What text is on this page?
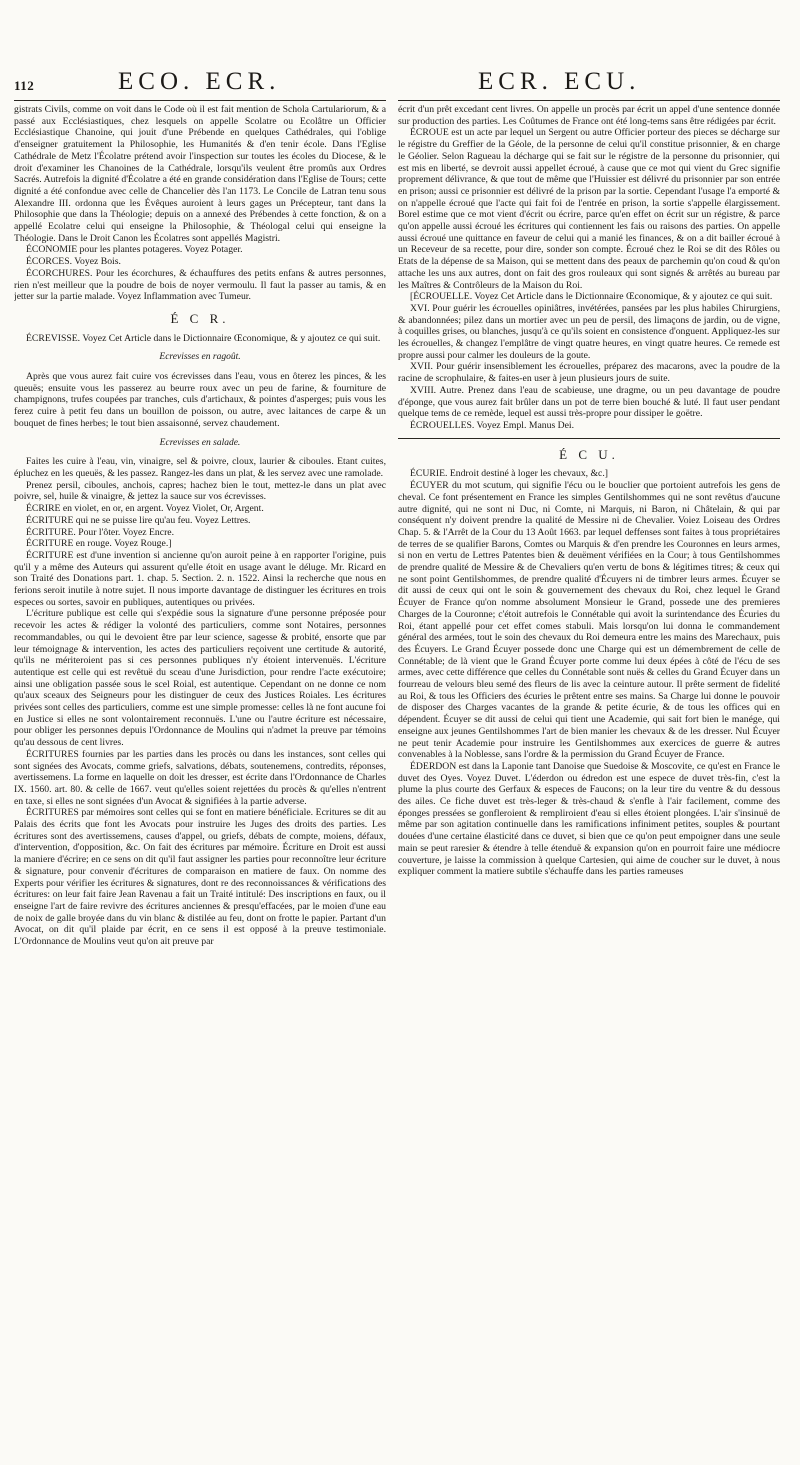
112	ECO. ECR.	ECR. ECU.

gistrats Civils, comme on voit dans le Code où il est fait mention de Schola Cartulariorum, & a passé aux Ecclésiastiques, chez lesquels on appelle Scolatre ou Ecolâtre un Officier Ecclésiastique Chanoine, qui jouit d'une Prébende en quelques Cathédrales, qui l'oblige d'enseigner gratuitement la Philosophie, les Humanités & d'en tenir école. Dans l'Eglise Cathédrale de Metz l'Écolatre prétend avoir l'inspection sur toutes les écoles du Diocese, & le droit d'examiner les Chanoines de la Cathédrale, lorsqu'ils veulent être promûs aux Ordres Sacrés. Autrefois la dignité d'Écolatre a été en grande considération dans l'Eglise de Tours; cette dignité a été confondue avec celle de Chancelier dès l'an 1173. Le Concile de Latran tenu sous Alexandre III. ordonna que les Évêques auroient à leurs gages un Précepteur, tant dans la Philosophie que dans la Théologie; depuis on a annexé des Prébendes à cette fonction, & on a appellé Ecolatre celui qui enseigne la Philosophie, & Théologal celui qui enseigne la Théologie. Dans le Droit Canon les Écolatres sont appellés Magistri.

ÉCONOMIE pour les plantes potageres. Voyez Potager.

ÉCORCES. Voyez Bois.

ÉCORCHURES. Pour les écorchures, & échauffures des petits enfans & autres personnes, rien n'est meilleur que la poudre de bois de noyer vermoulu. Il faut la passer au tamis, & en jetter sur la partie malade. Voyez Inflammation avec Tumeur.

É C R.

ÉCREVISSE. Voyez Cet Article dans le Dictionnaire Œconomique, & y ajoutez ce qui suit.

Ecrevisses en ragoût.

Après que vous aurez fait cuire vos écrevisses dans l'eau, vous en ôterez les pinces, & les queuës; ensuite vous les passerez au beurre roux avec un peu de farine, & fourniture de champignons, trufes coupées par tranches, culs d'artichaux, & pointes d'asperges; puis vous les ferez cuire à petit feu dans un bouillon de poisson, ou autre, avec laitances de carpe & un bouquet de fines herbes; le tout bien assaisonné, servez chaudement.

Ecrevisses en salade.

Faites les cuire à l'eau, vin, vinaigre, sel & poivre, cloux, laurier & ciboules. Etant cuites, épluchez en les queuës, & les passez. Rangez-les dans un plat, & les servez avec une ramolade.

Prenez persil, ciboules, anchois, capres; hachez bien le tout, mettez-le dans un plat avec poivre, sel, huile & vinaigre, & jettez la sauce sur vos écrevisses.

ÉCRIRE en violet, en or, en argent. Voyez Violet, Or, Argent.

ÉCRITURE qui ne se puisse lire qu'au feu. Voyez Lettres.

ÉCRITURE. Pour l'ôter. Voyez Encre.

ÉCRITURE en rouge. Voyez Rouge.]

ÉCRITURE est d'une invention si ancienne qu'on auroit peine à en rapporter l'origine, puis qu'il y a même des Auteurs qui assurent qu'elle étoit en usage avant le déluge. Mr. Ricard en son Traité des Donations part. 1. chap. 5. Section. 2. n. 1522. Ainsi la recherche que nous en ferions seroit inutile à notre sujet. Il nous importe davantage de distinguer les écritures en trois especes ou sortes, savoir en publiques, autentiques ou privées.

L'écriture publique est celle qui s'expédie sous la signature d'une personne préposée pour recevoir les actes & rédiger la volonté des particuliers, comme sont Notaires, personnes recommandables, ou qui le devoient être par leur science, sagesse & probité, ensorte que par leur témoignage & intervention, les actes des particuliers reçoivent une certitude & autorité, qu'ils ne mériteroient pas si ces personnes publiques n'y étoient intervenuës. L'écriture autentique est celle qui est revêtuë du sceau d'une Jurisdiction, pour rendre l'acte exécutoire; ainsi une obligation passée sous le scel Roial, est autentique. Cependant on ne donne ce nom qu'aux sceaux des Seigneurs pour les distinguer de ceux des Justices Roiales. Les écritures privées sont celles des particuliers, comme est une simple promesse: celles là ne font aucune foi en Justice si elles ne sont volontairement reconnuës. L'une ou l'autre écriture est nécessaire, pour obliger les personnes depuis l'Ordonnance de Moulins qui n'admet la preuve par témoins qu'au dessous de cent livres.

ÉCRITURES fournies par les parties dans les procès ou dans les instances, sont celles qui sont signées des Avocats, comme griefs, salvations, débats, soutenemens, contredits, réponses, avertissemens. La forme en laquelle on doit les dresser, est écrite dans l'Ordonnance de Charles IX. 1560. art. 80. & celle de 1667. veut qu'elles soient rejettées du procès & qu'elles n'entrent en taxe, si elles ne sont signées d'un Avocat & signifiées à la partie adverse.

ÉCRITURES par mémoires sont celles qui se font en matiere bénéficiale. Ecritures se dit au Palais des écrits que font les Avocats pour instruire les Juges des droits des parties. Les écritures sont des avertissemens, causes d'appel, ou griefs, débats de compte, moiens, défaux, d'intervention, d'opposition, &c. On fait des écritures par mémoire. Écriture en Droit est aussi la maniere d'écrire; en ce sens on dit qu'il faut assigner les parties pour reconnoître leur écriture & signature, pour convenir d'écritures de comparaison en matiere de faux. On nomme des Experts pour vérifier les écritures & signatures, dont re des reconnoissances & vérifications des écritures: on leur fait faire Jean Ravenau a fait un Traité intitulé: Des inscriptions en faux, ou il enseigne l'art de faire revivre des écritures anciennes & presqu'effacées, par le moien d'une eau de noix de galle broyée dans du vin blanc & distilée au feu, dont on frotte le papier. Partant d'un Avocat, on dit qu'il plaide par écrit, en ce sens il est opposé à la preuve testimoniale. L'Ordonnance de Moulins veut qu'on ait preuve par

écrit d'un prêt excedant cent livres. On appelle un procès par écrit un appel d'une sentence donnée sur production des parties. Les Coûtumes de France ont été long-tems sans être rédigées par écrit.

ÉCROUE est un acte par lequel un Sergent ou autre Officier porteur des pieces se décharge sur le régistre du Greffier de la Géole, de la personne de celui qu'il constitue prisonnier, & en charge le Géolier. Selon Ragueau la décharge qui se fait sur le régistre de la personne du prisonnier, qui est mis en liberté, se devroit aussi appellet écroué, à cause que ce mot qui vient du Grec signifie proprement délivrance, & que tout de même que l'Huissier est délivré du prisonnier par son entrée en prison; aussi ce prisonnier est délivré de la prison par la sortie. Cependant l'usage l'a emporté & on n'appelle écroué que l'acte qui fait foi de l'entrée en prison, la sortie s'appelle élargissement. Borel estime que ce mot vient d'écrit ou écrire, parce qu'en effet on écrit sur un régistre, & parce qu'on appelle aussi écroué les écritures qui contiennent les fais ou raisons des parties. On appelle aussi écroué une quittance en faveur de celui qui a manié les finances, & on a dit bailler écroué à un Receveur de sa recette, pour dire, sonder son compte. Écroué chez le Roi se dit des Rôles ou Etats de la dépense de sa Maison, qui se mettent dans des peaux de parchemin qu'on coud & qu'on attache les uns aux autres, dont on fait des gros rouleaux qui sont signés & arrêtés au bureau par les Maîtres & Contrôleurs de la Maison du Roi.

[ÉCROUELLE. Voyez Cet Article dans le Dictionnaire Œconomique, & y ajoutez ce qui suit.

XVI. Pour guérir les écrouelles opiniâtres, invétérées, pansées par les plus habiles Chirurgiens, & abandonnées; pilez dans un mortier avec un peu de persil, des limaçons de jardin, ou de vigne, à coquilles grises, ou blanches, jusqu'à ce qu'ils soient en consistence d'onguent. Appliquez-les sur les écrouelles, & changez l'emplâtre de vingt quatre heures, en vingt quatre heures. Ce remede est propre aussi pour calmer les douleurs de la goute.

XVII. Pour guérir insensiblement les écrouelles, préparez des macarons, avec la poudre de la racine de scrophulaire, & faites-en user à jeun plusieurs jours de suite.

XVIII. Autre. Prenez dans l'eau de scabieuse, une dragme, ou un peu davantage de poudre d'éponge, que vous aurez fait brûler dans un pot de terre bien bouché & luté. Il faut user pendant quelque tems de ce remède, lequel est aussi très-propre pour dissiper le goëtre.

ÉCROUELLES. Voyez Empl. Manus Dei.

É C U.

ÉCURIE. Endroit destiné à loger les chevaux, &c.]

ÉCUYER du mot scutum, qui signifie l'écu ou le bouclier que portoient autrefois les gens de cheval. Ce font présentement en France les simples Gentilshommes qui ne sont revêtus d'aucune autre dignité, qui ne sont ni Duc, ni Comte, ni Marquis, ni Baron, ni Châtelain, & qui par conséquent n'y doivent prendre la qualité de Messire ni de Chevalier. Voiez Loiseau des Ordres Chap. 5. & l'Arrêt de la Cour du 13 Août 1663. par lequel deffenses sont faites à tous propriétaires de terres de se qualifier Barons, Comtes ou Marquis & d'en prendre les Couronnes en leurs armes, si non en vertu de Lettres Patentes bien & deuëment vérifiées en la Cour; à tous Gentilshommes de prendre qualité de Messire & de Chevaliers qu'en vertu de bons & légitimes titres; & ceux qui ne sont point Gentilshommes, de prendre qualité d'Écuyers ni de timbrer leurs armes. Écuyer se dit aussi de ceux qui ont le soin & gouvernement des chevaux du Roi, chez lequel le Grand Écuyer de France qu'on nomme absolument Monsieur le Grand, possede une des premieres Charges de la Couronne; c'étoit autrefois le Connétable qui avoit la surintendance des Écuries du Roi, étant appellé pour cet effet comes stabuli. Mais lorsqu'on lui donna le commandement général des armées, tout le soin des chevaux du Roi demeura entre les mains des Marechaux, puis des Écuyers. Le Grand Écuyer possede donc une Charge qui est un démembrement de celle de Connétable; de là vient que le Grand Écuyer porte comme lui deux épées à côté de l'écu de ses armes, avec cette différence que celles du Connétable sont nuës & celles du Grand Écuyer dans un fourreau de velours bleu semé des fleurs de lis avec la ceinture autour. Il prête serment de fidelité au Roi, & tous les Officiers des écuries le prêtent entre ses mains. Sa Charge lui donne le pouvoir de disposer des Charges vacantes de la grande & petite écurie, & de tous les offices qui en dépendent. Écuyer se dit aussi de celui qui tient une Academie, qui sait fort bien le manége, qui enseigne aux jeunes Gentilshommes l'art de bien manier les chevaux & de les dresser. Nul Écuyer ne peut tenir Academie pour instruire les Gentilshommes aux exercices de guerre & autres convenables à la Noblesse, sans l'ordre & la permission du Grand Écuyer de France.

ÉDERDON est dans la Laponie tant Danoise que Suedoise & Moscovite, ce qu'est en France le duvet des Oyes. Voyez Duvet. L'éderdon ou édredon est une espece de duvet très-fin, c'est la plume la plus courte des Gerfaux & especes de Faucons; on la leur tire du ventre & du dessous des ailes. Ce fiche duvet est très-leger & très-chaud & s'enfle à l'air facilement, comme des éponges pressées se gonfleroient & rempliroient d'eau si elles étoient plongées. L'air s'insinuë de même par son agitation continuelle dans les ramifications infiniment petites, souples & pourtant douées d'une certaine élasticité dans ce duvet, si bien que ce qu'on peut empoigner dans une seule main se peut raresier & étendre à telle étenduë & expansion qu'on en pourroit faire une médiocre couverture, je laisse la commission à quelque Cartesien, qui aime de coucher sur le duvet, à nous expliquer comment la matiere subtile s'échauffe dans les parties rameuses
